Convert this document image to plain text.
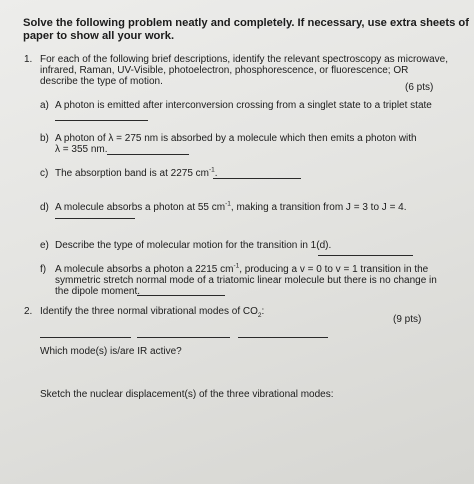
Solve the following problem neatly and completely. If necessary, use extra sheets of
paper to show all your work.
1. For each of the following brief descriptions, identify the relevant spectroscopy as microwave,
infrared, Raman, UV-Visible, photoelectron, phosphorescence, or fluorescence; OR
describe the type of motion.
(6 pts)
a) A photon is emitted after interconversion crossing from a singlet state to a triplet state
b) A photon of λ = 275 nm is absorbed by a molecule which then emits a photon with
λ = 355 nm.
c) The absorption band is at 2275 $cm^{-1}$.
d) A molecule absorbs a photon at 55 $cm^{-1}$, making a transition from J = 3 to J = 4.
e) Describe the type of molecular motion for the transition in 1(d).
f) A molecule absorbs a photon a 2215 $cm^{-1}$, producing a v = 0 to v = 1 transition in the
symmetric stretch normal mode of a triatomic linear molecule but there is no change in
the dipole moment.
2. Identify the three normal vibrational modes of $CO_2$:
(9 pts)
Which mode(s) is/are IR active?
Sketch the nuclear displacement(s) of the three vibrational modes:
